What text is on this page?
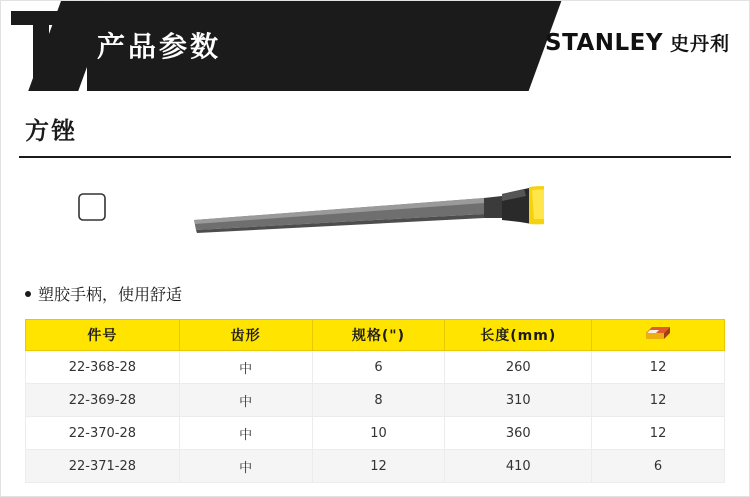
产品参数	STANLEY 史丹利
方锉
塑胶手柄，使用舒适
件号	齿形	规格(")	长度(mm)	
22-368-28	中	6	260	12
22-369-28	中	8	310	12
22-370-28	中	10	360	12
22-371-28	中	12	410	6
